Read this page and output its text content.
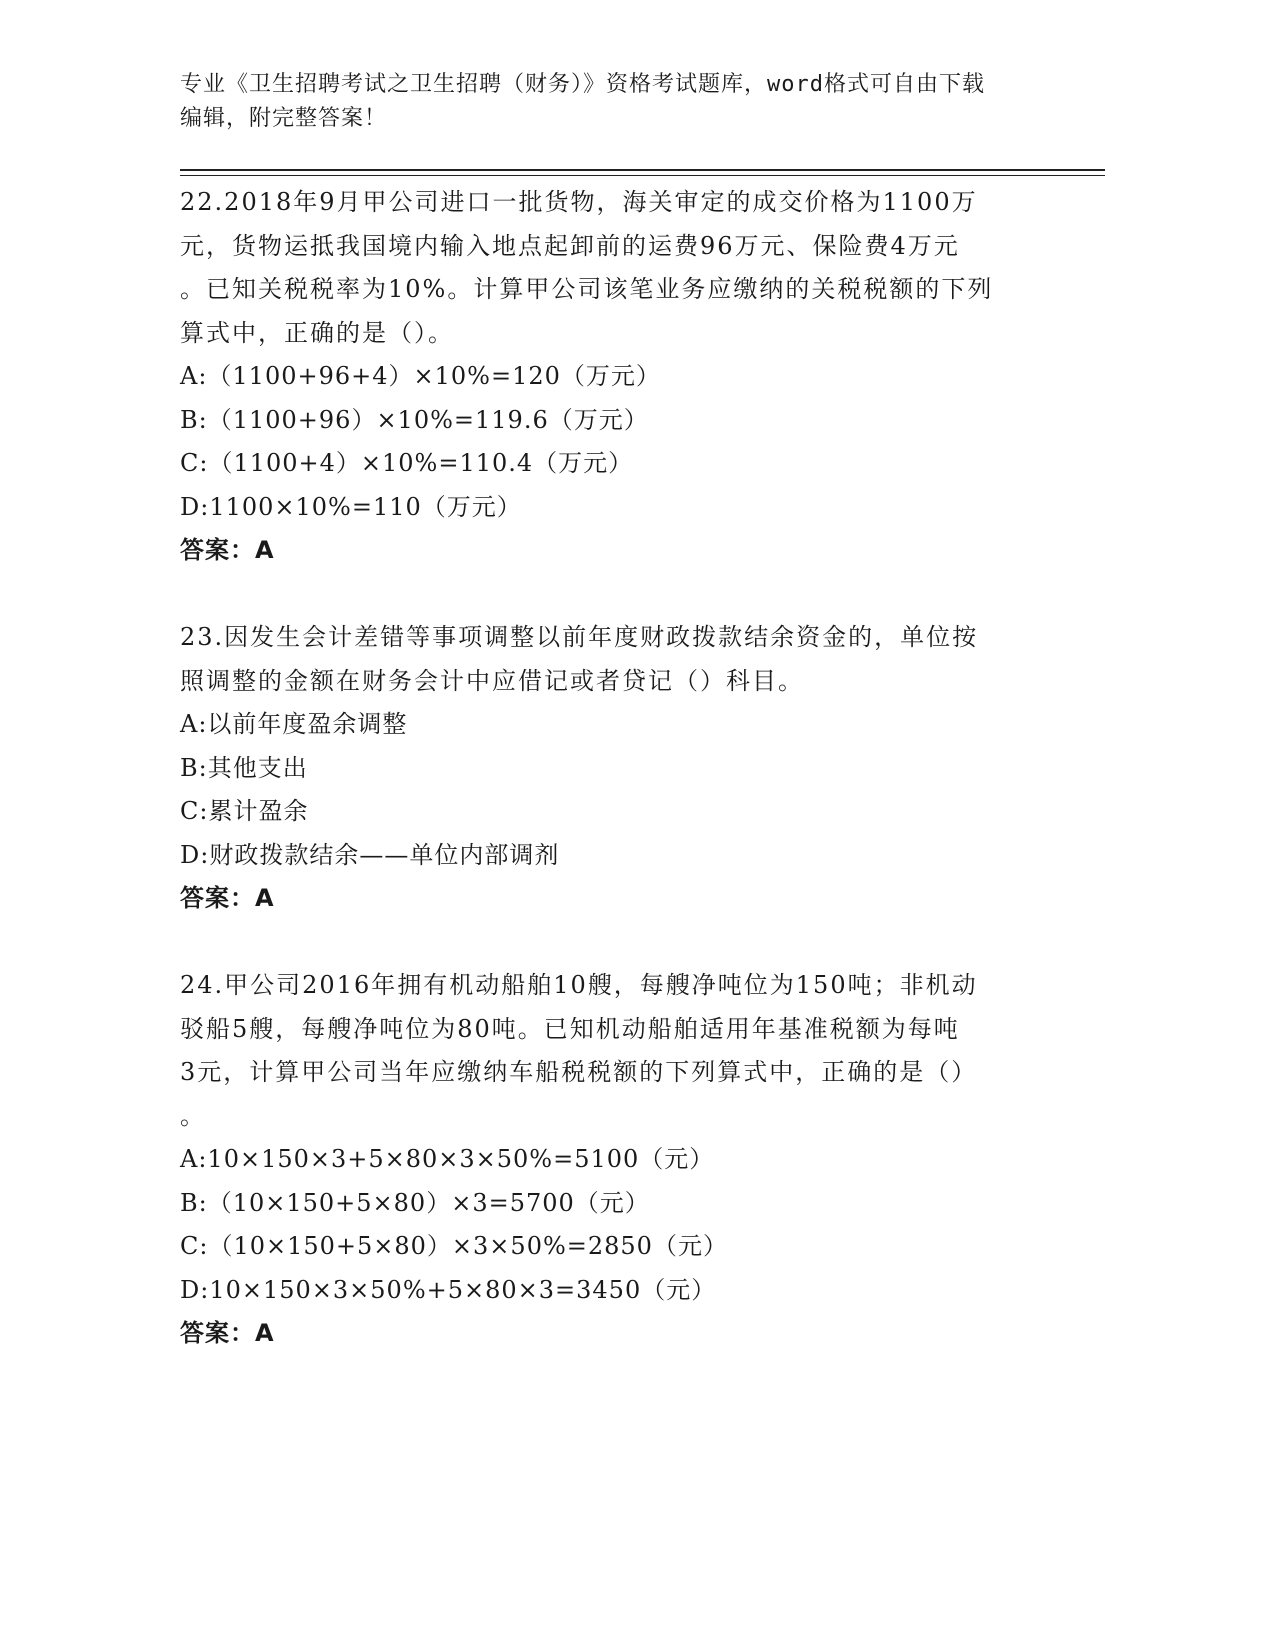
专业《卫生招聘考试之卫生招聘（财务）》资格考试题库，word格式可自由下载
编辑，附完整答案！
22.2018年9月甲公司进口一批货物，海关审定的成交价格为1100万
元，货物运抵我国境内输入地点起卸前的运费96万元、保险费4万元
。已知关税税率为10%。计算甲公司该笔业务应缴纳的关税税额的下列
算式中，正确的是（）。
A:（1100+96+4）×10%=120（万元）
B:（1100+96）×10%=119.6（万元）
C:（1100+4）×10%=110.4（万元）
D:1100×10%=110（万元）
答案：A
23.因发生会计差错等事项调整以前年度财政拨款结余资金的，单位按
照调整的金额在财务会计中应借记或者贷记（）科目。
A:以前年度盈余调整
B:其他支出
C:累计盈余
D:财政拨款结余——单位内部调剂
答案：A
24.甲公司2016年拥有机动船舶10艘，每艘净吨位为150吨；非机动
驳船5艘，每艘净吨位为80吨。已知机动船舶适用年基准税额为每吨
3元，计算甲公司当年应缴纳车船税税额的下列算式中，正确的是（）
。
A:10×150×3+5×80×3×50%=5100（元）
B:（10×150+5×80）×3=5700（元）
C:（10×150+5×80）×3×50%=2850（元）
D:10×150×3×50%+5×80×3=3450（元）
答案：A
